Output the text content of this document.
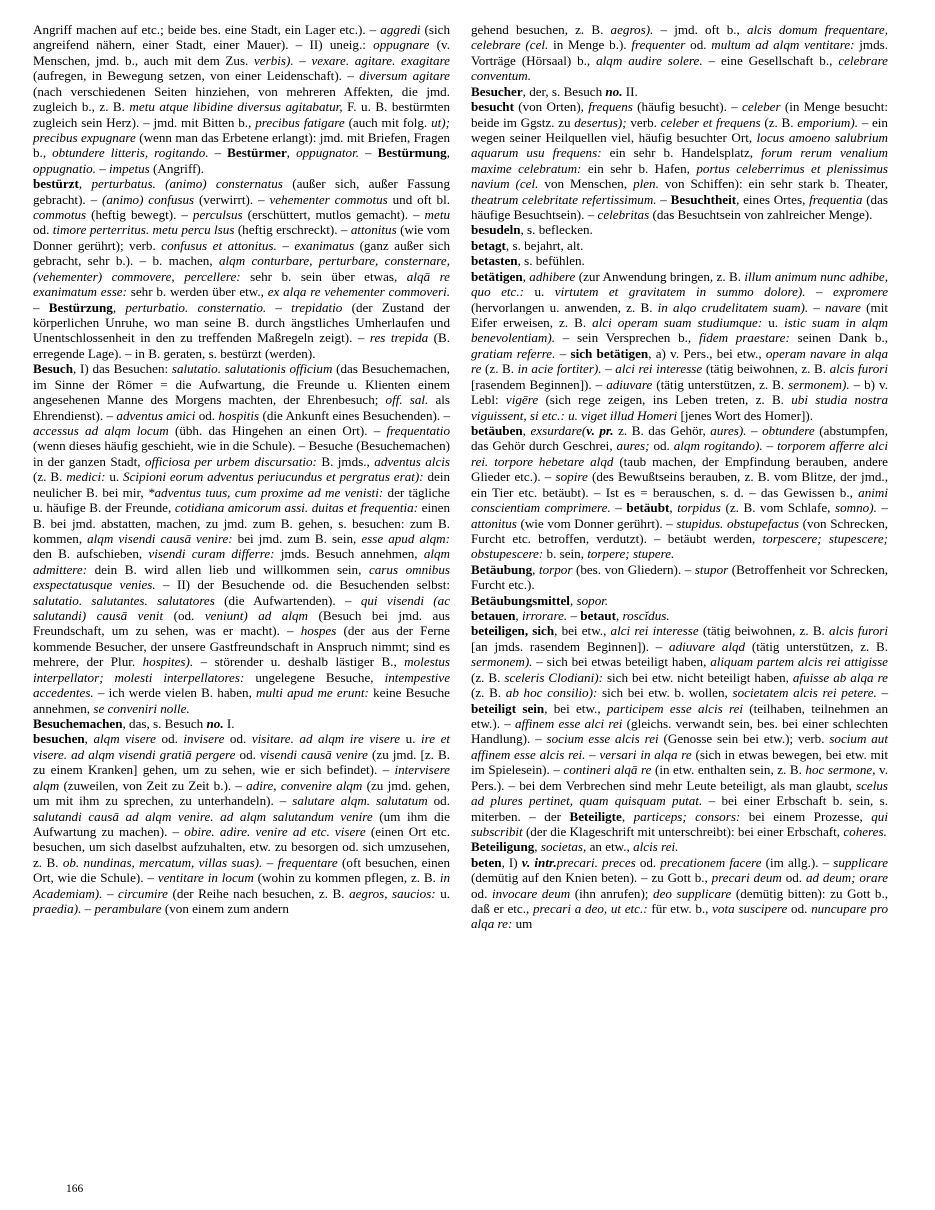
Angriff machen auf etc.; beide bes. eine Stadt, ein Lager etc.). – aggredi (sich angreifend nähern, einer Stadt, einer Mauer). – II) uneig.: oppugnare (v. Menschen, jmd. b., auch mit dem Zus. verbis). – vexare. agitare. exagitare (aufregen, in Bewegung setzen, von einer Leidenschaft). – diversum agitare (nach verschiedenen Seiten hinziehen, von mehreren Affekten, die jmd. zugleich b., z. B. metu atque libidine diversus agitabatur, F. u. B. bestürmten zugleich sein Herz). – jmd. mit Bitten b., precibus fatigare (auch mit folg. ut); precibus expugnare (wenn man das Erbetene erlangt): jmd. mit Briefen, Fragen b., obtundere litteris, rogitando. – Bestürmer, oppugnator. – Bestürmung, oppugnatio. – impetus (Angriff).

bestürzt, perturbatus. (animo) consternatus (außer sich, außer Fassung gebracht). – (animo) confusus (verwirrt). – vehementer commotus und oft bl. commotus (heftig bewegt). – perculsus (erschüttert, mutlos gemacht). – metu od. timore perterritus. metu percu lsus (heftig erschreckt). – attonitus (wie vom Donner gerührt); verb. confusus et attonitus. – exanimatus (ganz außer sich gebracht, sehr b.). – b. machen, alqm conturbare, perturbare, consternare, (vehementer) commovere, percellere: sehr b. sein über etwas, alqā re exanimatum esse: sehr b. werden über etw., ex alqa re vehementer commoveri. – Bestürzung, perturbatio. consternatio. – trepidatio (der Zustand der körperlichen Unruhe, wo man seine B. durch ängstliches Umherlaufen und Unentschlossenheit in den zu treffenden Maßregeln zeigt). – res trepida (B. erregende Lage). – in B. geraten, s. bestürzt (werden).

Besuch, I) das Besuchen: salutatio. salutationis officium (das Besuchemachen, im Sinne der Römer = die Aufwartung, die Freunde u. Klienten einem angesehenen Manne des Morgens machten, der Ehrenbesuch; off. sal. als Ehrendienst). – adventus amici od. hospitis (die Ankunft eines Besuchenden). – accessus ad alqm locum (übh. das Hingehen an einen Ort). – frequentatio (wenn dieses häufig geschieht, wie in die Schule). – Besuche (Besuchemachen) in der ganzen Stadt, officiosa per urbem discursatio: B. jmds., adventus alcis (z. B. medici: u. Scipioni eorum adventus periucundus et pergratus erat): dein neulicher B. bei mir, *adventus tuus, cum proxime ad me venisti: der tägliche u. häufige B. der Freunde, cotidiana amicorum assi. duitas et frequentia: einen B. bei jmd. abstatten, machen, zu jmd. zum B. gehen, s. besuchen: zum B. kommen, alqm visendi causā venire: bei jmd. zum B. sein, esse apud alqm: den B. aufschieben, visendi curam differre: jmds. Besuch annehmen, alqm admittere: dein B. wird allen lieb und willkommen sein, carus omnibus exspectatusque venies. – II) der Besuchende od. die Besuchenden selbst: salutatio. salutantes. salutatores (die Aufwartenden). – qui visendi (ac salutandi) causā venit (od. veniunt) ad alqm (Besuch bei jmd. aus Freundschaft, um zu sehen, was er macht). – hospes (der aus der Ferne kommende Besucher, der unsere Gastfreundschaft in Anspruch nimmt; sind es mehrere, der Plur. hospites). – störender u. deshalb lästiger B., molestus interpellator; molesti interpellatores: ungelegene Besuche, intempestive accedentes. – ich werde vielen B. haben, multi apud me erunt: keine Besuche annehmen, se conveniri nolle.

Besuchemachen, das, s. Besuch no. I.

besuchen, alqm visere od. invisere od. visitare. ad alqm ire visere u. ire et visere. ad alqm visendi gratiā pergere od. visendi causā venire (zu jmd. [z. B. zu einem Kranken] gehen, um zu sehen, wie er sich befindet). – intervisere alqm (zuweilen, von Zeit zu Zeit b.). – adire, convenire alqm (zu jmd. gehen, um mit ihm zu sprechen, zu unterhandeln). – salutare alqm. salutatum od. salutandi causā ad alqm venire. ad alqm salutandum venire (um ihm die Aufwartung zu machen). – obire. adire. venire ad etc. visere (einen Ort etc. besuchen, um sich daselbst aufzuhalten, etw. zu besorgen od. sich umzusehen, z. B. ob. nundinas, mercatum, villas suas). – frequentare (oft besuchen, einen Ort, wie die Schule). – ventitare in locum (wohin zu kommen pflegen, z. B. in Academiam). – circumire (der Reihe nach besuchen, z. B. aegros, saucios: u. praedia). – perambulare (von einem zum andern

gehend besuchen, z. B. aegros). – jmd. oft b., alcis domum frequentare, celebrare (cel. in Menge b.). frequenter od. multum ad alqm ventitare: jmds. Vorträge (Hörsaal) b., alqm audire solere. – eine Gesellschaft b., celebrare conventum.

Besucher, der, s. Besuch no. II.

besucht (von Orten), frequens (häufig besucht). – celeber (in Menge besucht: beide im Ggstz. zu desertus); verb. celeber et frequens (z. B. emporium). – ein wegen seiner Heilquellen viel, häufig besuchter Ort, locus amoeno salubrium aquarum usu frequens: ein sehr b. Handelsplatz, forum rerum venalium maxime celebratum: ein sehr b. Hafen, portus celeberrimus et plenissimus navium (cel. von Menschen, plen. von Schiffen): ein sehr stark b. Theater, theatrum celebritate refertissimum. – Besuchtheit, eines Ortes, frequentia (das häufige Besuchtsein). – celebritas (das Besuchtsein von zahlreicher Menge).

besudeln, s. beflecken.

betagt, s. bejahrt, alt.

betasten, s. befühlen.

betätigen, adhibere (zur Anwendung bringen, z. B. illum animum nunc adhibe, quo etc.: u. virtutem et gravitatem in summo dolore). – expromere (hervorlangen u. anwenden, z. B. in alqo crudelitatem suam). – navare (mit Eifer erweisen, z. B. alci operam suam studiumque: u. istic suam in alqm benevolentiam). – sein Versprechen b., fidem praestare: seinen Dank b., gratiam referre. – sich betätigen, a) v. Pers., bei etw., operam navare in alqa re (z. B. in acie fortiter). – alci rei interesse (tätig beiwohnen, z. B. alcis furori [rasendem Beginnen]). – adiuvare (tätig unterstützen, z. B. sermonem). – b) v. Lebl: vigēre (sich rege zeigen, ins Leben treten, z. B. ubi studia nostra viguissent, si etc.: u. viget illud Homeri [jenes Wort des Homer]).

betäuben, exsurdare(v. pr. z. B. das Gehör, aures). – obtundere (abstumpfen, das Gehör durch Geschrei, aures; od. alqm rogitando). – torporem afferre alci rei. torpore hebetare alqd (taub machen, der Empfindung berauben, andere Glieder etc.). – sopire (des Bewußtseins berauben, z. B. vom Blitze, der jmd., ein Tier etc. betäubt). – Ist es = berauschen, s. d. – das Gewissen b., animi conscientiam comprimere. – betäubt, torpidus (z. B. vom Schlafe, somno). – attonitus (wie vom Donner gerührt). – stupidus. obstupefactus (von Schrecken, Furcht etc. betroffen, verdutzt). – betäubt werden, torpescere; stupescere; obstupescere: b. sein, torpere; stupere.

Betäubung, torpor (bes. von Gliedern). – stupor (Betroffenheit vor Schrecken, Furcht etc.).

Betäubungsmittel, sopor.

betauen, irrorare. – betaut, roscĭdus.

beteiligen, sich, bei etw., alci rei interesse (tätig beiwohnen, z. B. alcis furori [an jmds. rasendem Beginnen]). – adiuvare alqd (tätig unterstützen, z. B. sermonem). – sich bei etwas beteiligt haben, aliquam partem alcis rei attigisse (z. B. sceleris Clodiani): sich bei etw. nicht beteiligt haben, afuisse ab alqa re (z. B. ab hoc consilio): sich bei etw. b. wollen, societatem alcis rei petere. – beteiligt sein, bei etw., participem esse alcis rei (teilhaben, teilnehmen an etw.). – affinem esse alci rei (gleichs. verwandt sein, bes. bei einer schlechten Handlung). – socium esse alcis rei (Genosse sein bei etw.); verb. socium aut affinem esse alcis rei. – versari in alqa re (sich in etwas bewegen, bei etw. mit im Spielesein). – contineri alqā re (in etw. enthalten sein, z. B. hoc sermone, v. Pers.). – bei dem Verbrechen sind mehr Leute beteiligt, als man glaubt, scelus ad plures pertinet, quam quisquam putat. – bei einer Erbschaft b. sein, s. miterben. – der Beteiligte, particeps; consors: bei einem Prozesse, qui subscribit (der die Klageschrift mit unterschreibt): bei einer Erbschaft, coheres.

Beteiligung, societas, an etw., alcis rei.

beten, I) v. intr.precari. preces od. precationem facere (im allg.). – supplicare (demütig auf den Knien beten). – zu Gott b., precari deum od. ad deum; orare od. invocare deum (ihn anrufen); deo supplicare (demütig bitten): zu Gott b., daß er etc., precari a deo, ut etc.: für etw. b., vota suscipere od. nuncupare pro alqa re: um

166
